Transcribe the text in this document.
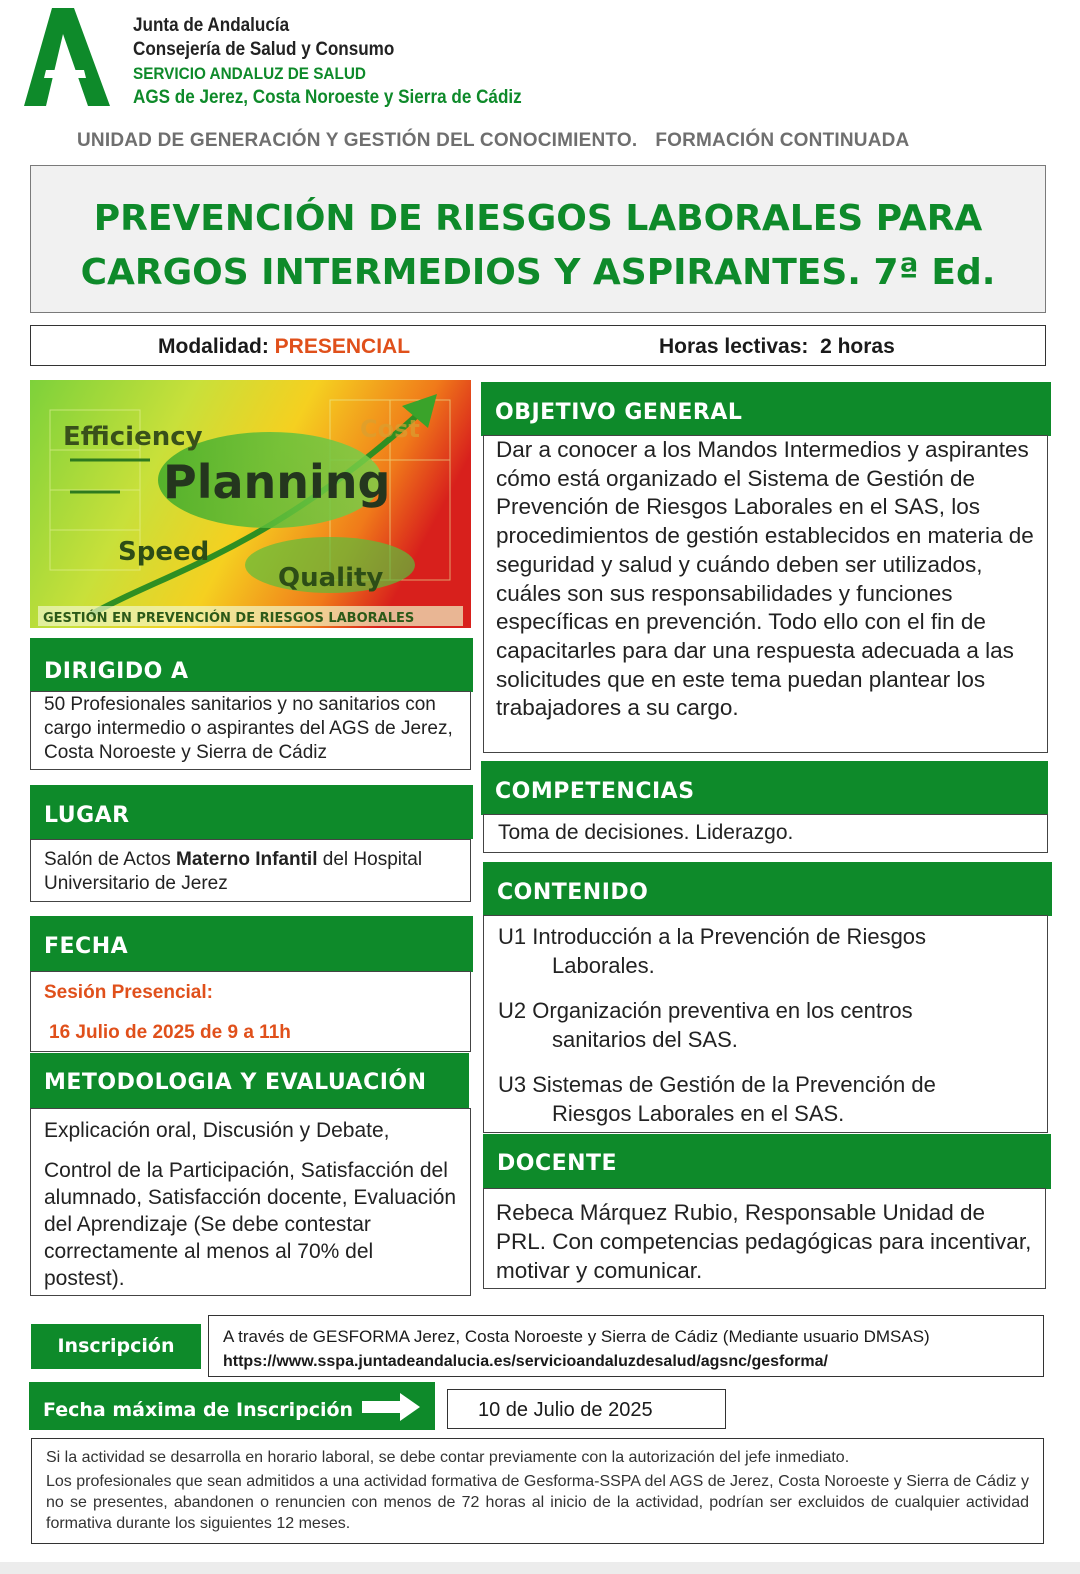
Junta de Andalucía
Consejería de Salud y Consumo
SERVICIO ANDALUZ DE SALUD
AGS de Jerez, Costa Noroeste y Sierra de Cádiz
UNIDAD DE GENERACIÓN Y GESTIÓN DEL CONOCIMIENTO. FORMACIÓN CONTINUADA
PREVENCIÓN DE RIESGOS LABORALES PARA
CARGOS INTERMEDIOS Y ASPIRANTES. 7ª Ed.
Modalidad: PRESENCIAL	Horas lectivas: 2 horas
Efficiency	Cost
Planning
Speed
Quality
GESTIÓN EN PREVENCIÓN DE RIESGOS LABORALES
DIRIGIDO A
50 Profesionales sanitarios y no sanitarios con cargo intermedio o aspirantes del AGS de Jerez, Costa Noroeste y Sierra de Cádiz
LUGAR
Salón de Actos Materno Infantil del Hospital Universitario de Jerez
FECHA
Sesión Presencial:
16 Julio de 2025 de 9 a 11h
METODOLOGIA Y EVALUACIÓN
Explicación oral, Discusión y Debate,
Control de la Participación, Satisfacción del alumnado, Satisfacción docente, Evaluación del Aprendizaje (Se debe contestar correctamente al menos al 70% del postest).
OBJETIVO GENERAL
Dar a conocer a los Mandos Intermedios y aspirantes cómo está organizado el Sistema de Gestión de Prevención de Riesgos Laborales en el SAS, los procedimientos de gestión establecidos en materia de seguridad y salud y cuándo deben ser utilizados, cuáles son sus responsabilidades y funciones específicas en prevención. Todo ello con el fin de capacitarles para dar una respuesta adecuada a las solicitudes que en este tema puedan plantear los trabajadores a su cargo.
COMPETENCIAS
Toma de decisiones. Liderazgo.
CONTENIDO
U1 Introducción a la Prevención de Riesgos
Laborales.
U2 Organización preventiva en los centros
sanitarios del SAS.
U3 Sistemas de Gestión de la Prevención de
Riesgos Laborales en el SAS.
DOCENTE
Rebeca Márquez Rubio, Responsable Unidad de PRL. Con competencias pedagógicas para incentivar, motivar y comunicar.
Inscripción	A través de GESFORMA Jerez, Costa Noroeste y Sierra de Cádiz (Mediante usuario DMSAS)
https://www.sspa.juntadeandalucia.es/servicioandaluzdesalud/agsnc/gesforma/
Fecha máxima de Inscripción	10 de Julio de 2025
Si la actividad se desarrolla en horario laboral, se debe contar previamente con la autorización del jefe inmediato.
Los profesionales que sean admitidos a una actividad formativa de Gesforma-SSPA del AGS de Jerez, Costa Noroeste y Sierra de Cádiz y no se presentes, abandonen o renuncien con menos de 72 horas al inicio de la actividad, podrían ser excluidos de cualquier actividad formativa durante los siguientes 12 meses.
